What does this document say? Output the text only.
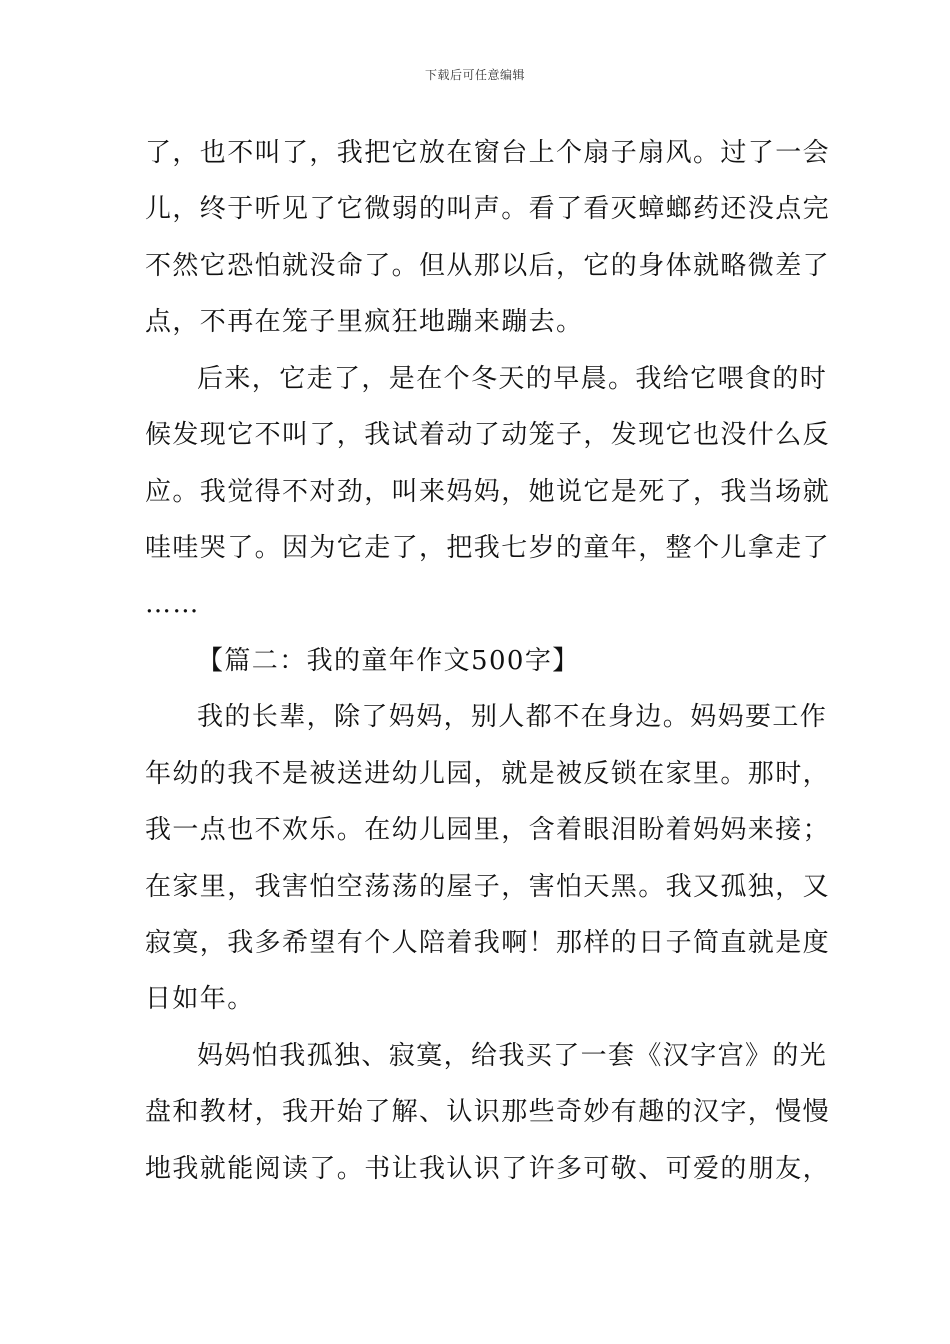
下载后可任意编辑
了，也不叫了，我把它放在窗台上个扇子扇风。过了一会
儿，终于听见了它微弱的叫声。看了看灭蟑螂药还没点完
不然它恐怕就没命了。但从那以后，它的身体就略微差了
点，不再在笼子里疯狂地蹦来蹦去。
后来，它走了，是在个冬天的早晨。我给它喂食的时
候发现它不叫了，我试着动了动笼子，发现它也没什么反
应。我觉得不对劲，叫来妈妈，她说它是死了，我当场就
哇哇哭了。因为它走了，把我七岁的童年，整个儿拿走了
……
【篇二：我的童年作文500字】
我的长辈，除了妈妈，别人都不在身边。妈妈要工作
年幼的我不是被送进幼儿园，就是被反锁在家里。那时，
我一点也不欢乐。在幼儿园里，含着眼泪盼着妈妈来接；
在家里，我害怕空荡荡的屋子，害怕天黑。我又孤独，又
寂寞，我多希望有个人陪着我啊！那样的日子简直就是度
日如年。
妈妈怕我孤独、寂寞，给我买了一套《汉字宫》的光
盘和教材，我开始了解、认识那些奇妙有趣的汉字，慢慢
地我就能阅读了。书让我认识了许多可敬、可爱的朋友，
